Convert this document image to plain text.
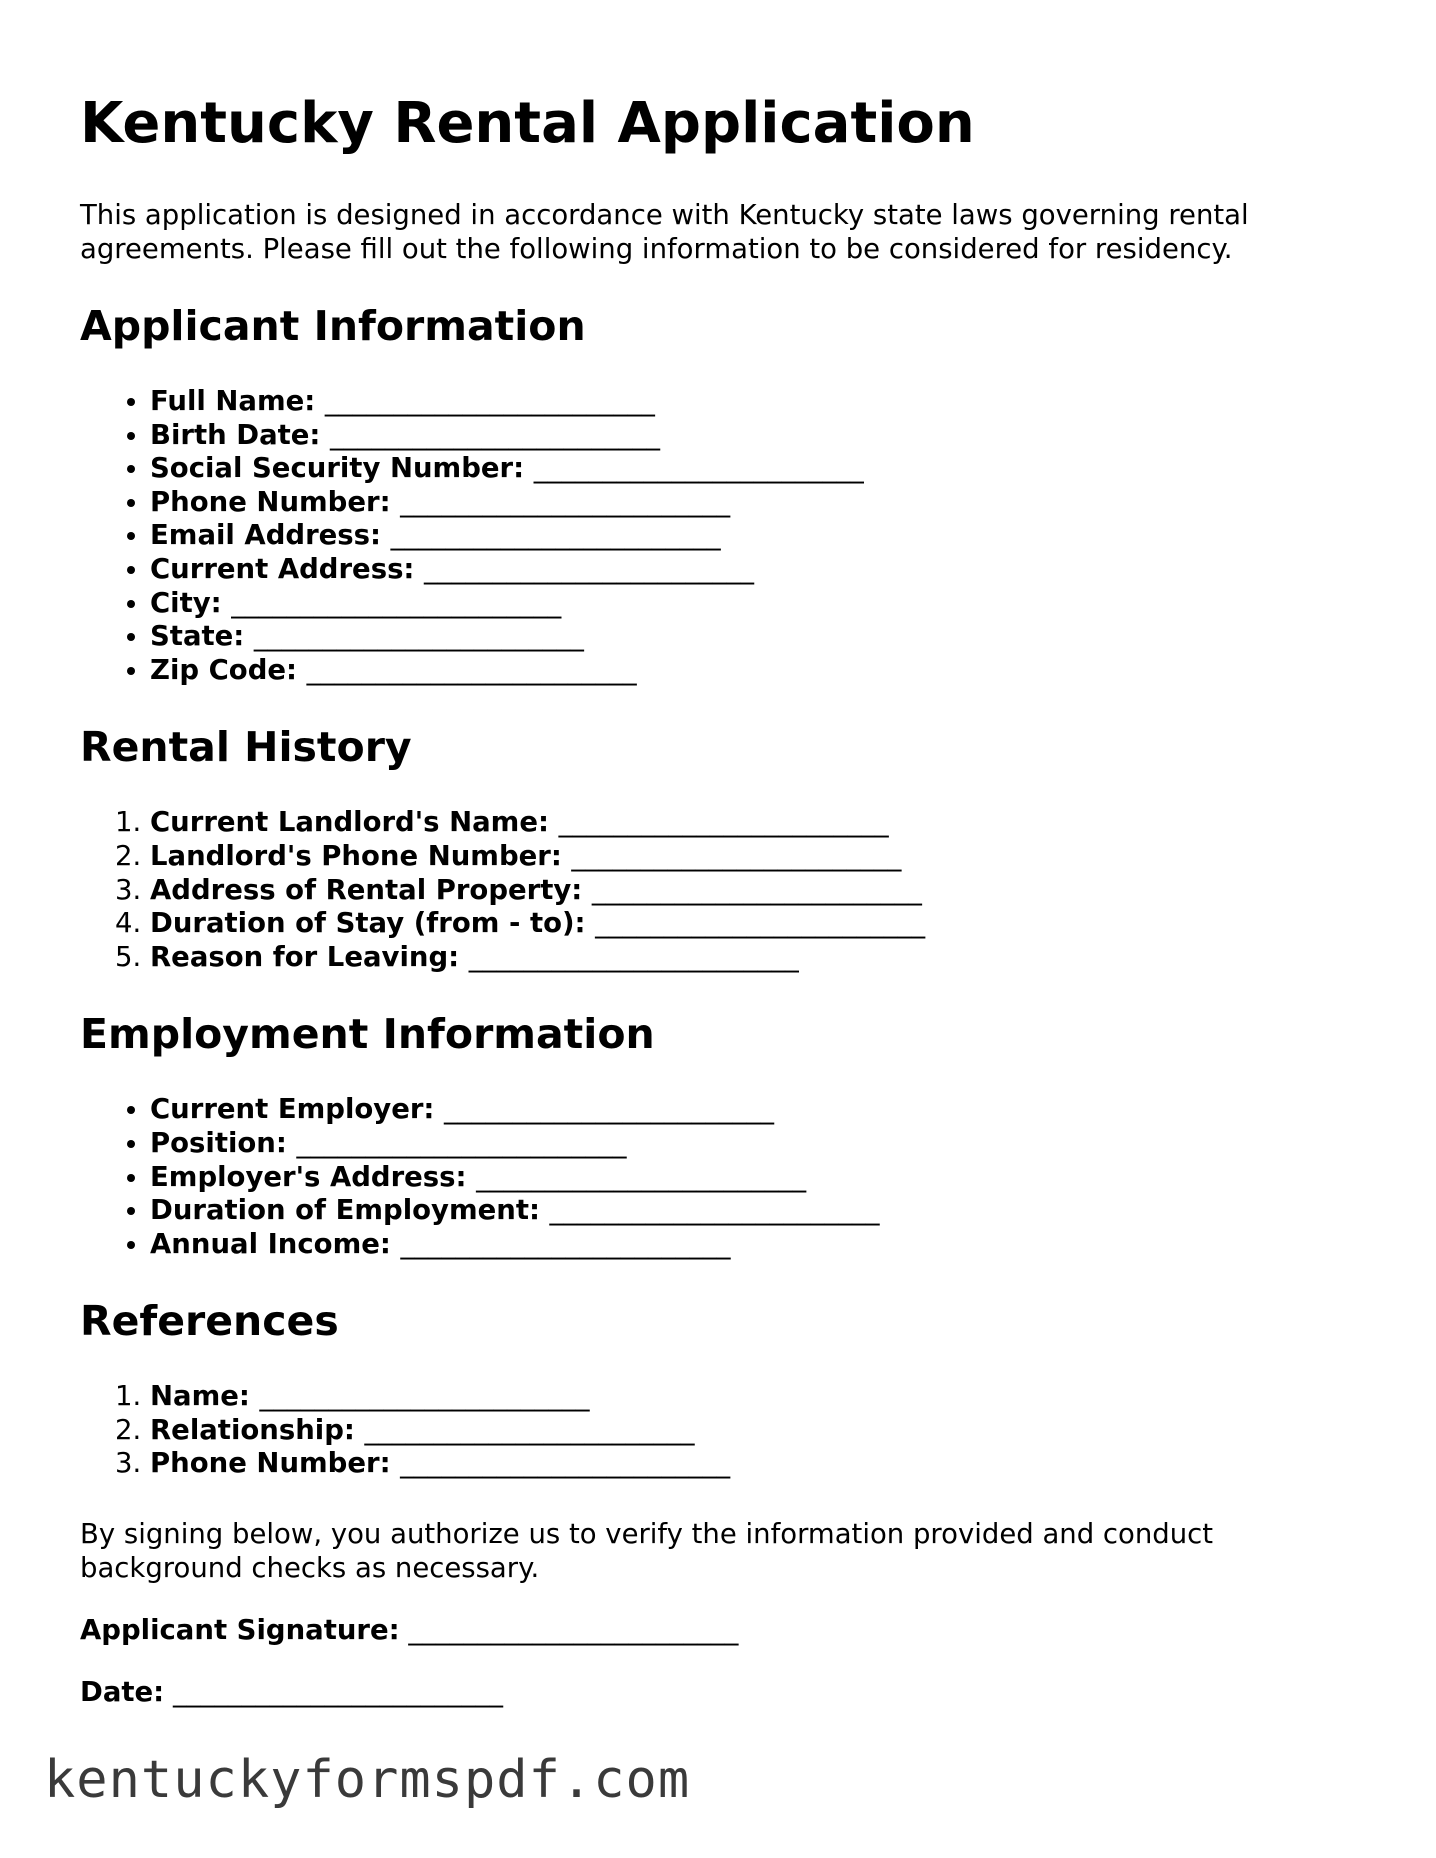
Kentucky Rental Application

This application is designed in accordance with Kentucky state laws governing rental agreements. Please fill out the following information to be considered for residency.

Applicant Information
• Full Name: ________________________
• Birth Date: ________________________
• Social Security Number: ________________________
• Phone Number: ________________________
• Email Address: ________________________
• Current Address: ________________________
• City: ________________________
• State: ________________________
• Zip Code: ________________________
Rental History
1. Current Landlord's Name: ________________________
2. Landlord's Phone Number: ________________________
3. Address of Rental Property: ________________________
4. Duration of Stay (from - to): ________________________
5. Reason for Leaving: ________________________
Employment Information
• Current Employer: ________________________
• Position: ________________________
• Employer's Address: ________________________
• Duration of Employment: ________________________
• Annual Income: ________________________
References
1. Name: ________________________
2. Relationship: ________________________
3. Phone Number: ________________________

By signing below, you authorize us to verify the information provided and conduct background checks as necessary.

Applicant Signature: ________________________
Date: ________________________
kentuckyformspdf.com
